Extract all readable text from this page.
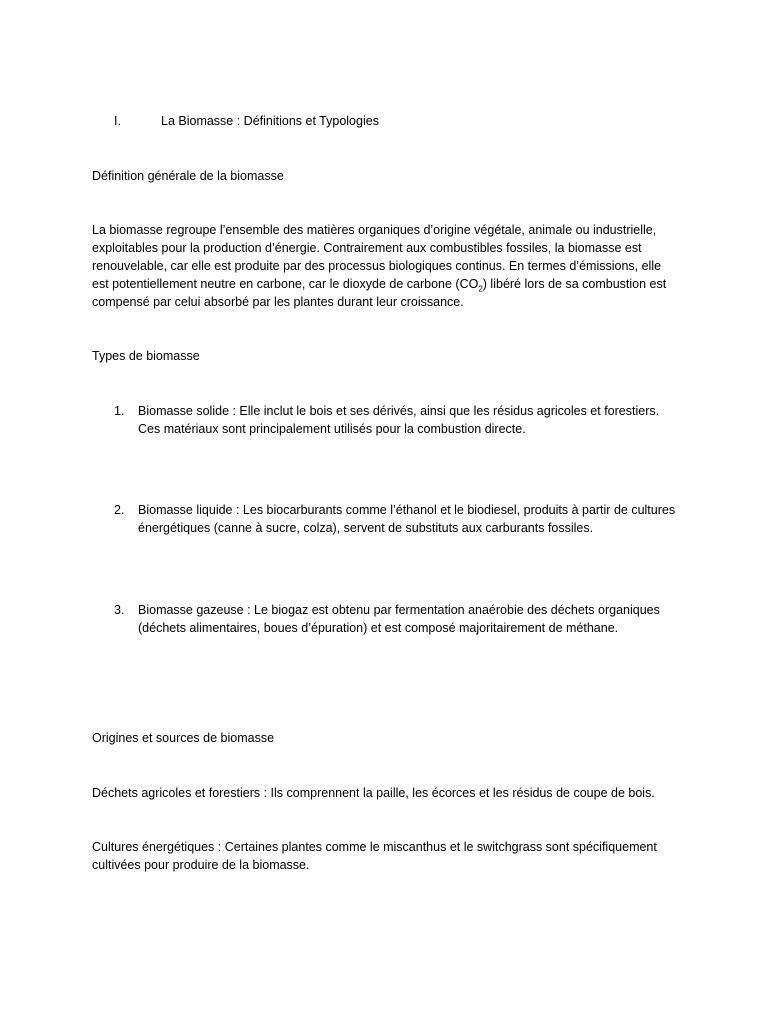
I.	La Biomasse : Définitions et Typologies
Définition générale de la biomasse
La biomasse regroupe l’ensemble des matières organiques d’origine végétale, animale ou industrielle, exploitables pour la production d’énergie. Contrairement aux combustibles fossiles, la biomasse est renouvelable, car elle est produite par des processus biologiques continus. En termes d’émissions, elle est potentiellement neutre en carbone, car le dioxyde de carbone $(CO_2)$ libéré lors de sa combustion est compensé par celui absorbé par les plantes durant leur croissance.
Types de biomasse
1. Biomasse solide : Elle inclut le bois et ses dérivés, ainsi que les résidus agricoles et forestiers. Ces matériaux sont principalement utilisés pour la combustion directe.
2. Biomasse liquide : Les biocarburants comme l’éthanol et le biodiesel, produits à partir de cultures énergétiques (canne à sucre, colza), servent de substituts aux carburants fossiles.
3. Biomasse gazeuse : Le biogaz est obtenu par fermentation anaérobie des déchets organiques (déchets alimentaires, boues d’épuration) et est composé majoritairement de méthane.
Origines et sources de biomasse
Déchets agricoles et forestiers : Ils comprennent la paille, les écorces et les résidus de coupe de bois.
Cultures énergétiques : Certaines plantes comme le miscanthus et le switchgrass sont spécifiquement cultivées pour produire de la biomasse.
